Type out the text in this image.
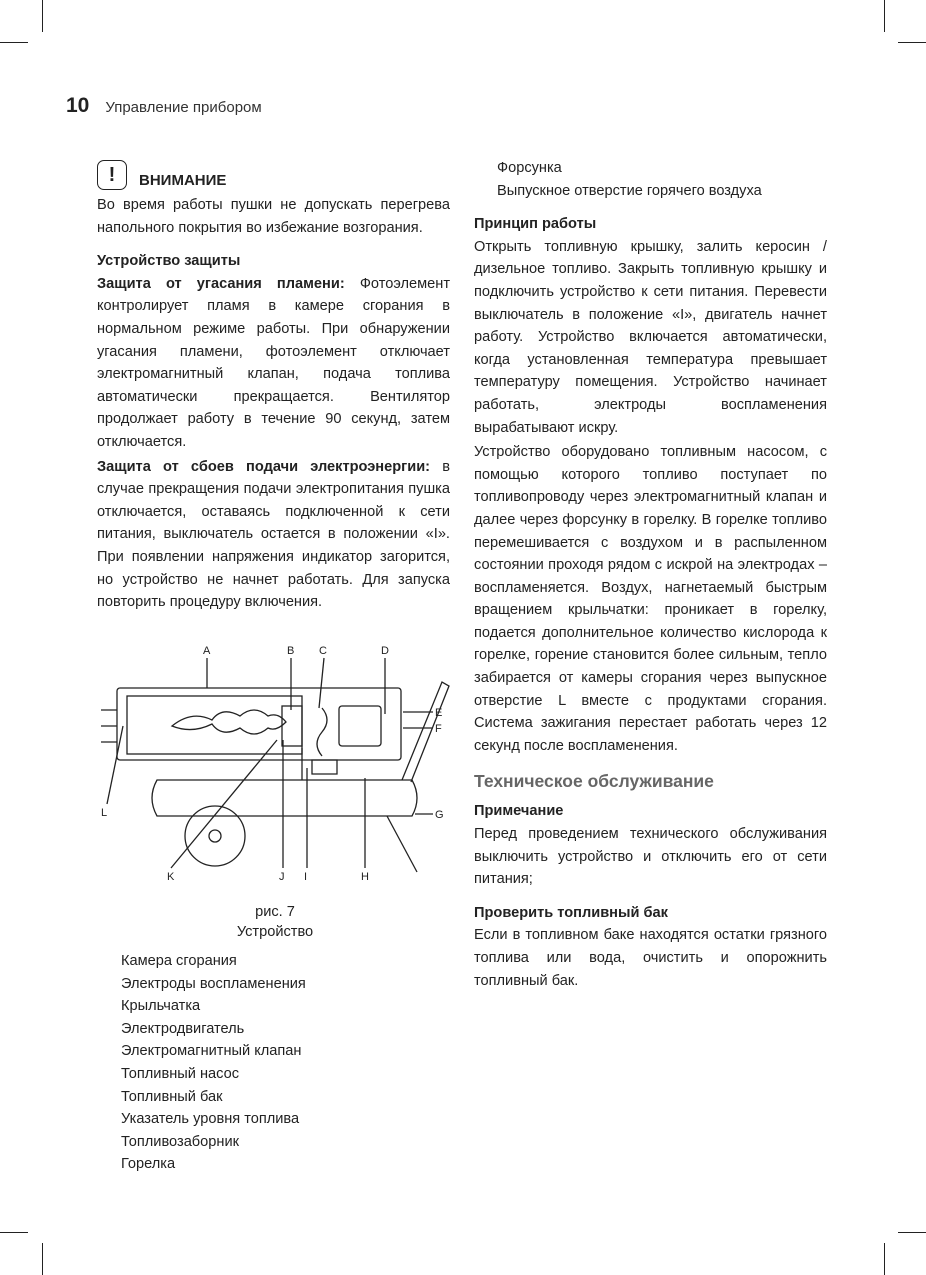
10 Управление прибором
!	ВНИМАНИЕ

Во время работы пушки не допускать перегрева напольного покрытия во избежание возгорания.

Устройство защиты

Защита от угасания пламени: Фотоэлемент контролирует пламя в камере сгорания в нормальном режиме работы. При обнаружении угасания пламени, фотоэлемент отключает электромагнитный клапан, подача топлива автоматически прекращается. Вентилятор продолжает работу в течение 90 секунд, затем отключается.

Защита от сбоев подачи электроэнергии: в случае прекращения подачи электропитания пушка отключается, оставаясь подключенной к сети питания, выключатель остается в положении «I». При появлении напряжения индикатор загорится, но устройство не начнет работать. Для запуска повторить процедуру включения.

A	B C	D
E
F
G
H
I
J
K
L
рис. 7
Устройство
Камера сгорания
Электроды воспламенения
Крыльчатка
Электродвигатель
Электромагнитный клапан
Топливный насос
Топливный бак
Указатель уровня топлива
Топливозаборник
Горелка
Форсунка
Выпускное отверстие горячего воздуха
Принцип работы

Открыть топливную крышку, залить керосин / дизельное топливо. Закрыть топливную крышку и подключить устройство к сети питания. Перевести выключатель в положение «I», двигатель начнет работу. Устройство включается автоматически, когда установленная температура превышает температуру помещения. Устройство начинает работать, электроды воспламенения вырабатывают искру.

Устройство оборудовано топливным насосом, с помощью которого топливо поступает по топливопроводу через электромагнитный клапан и далее через форсунку в горелку. В горелке топливо перемешивается с воздухом и в распыленном состоянии проходя рядом с искрой на электродах – воспламеняется. Воздух, нагнетаемый быстрым вращением крыльчатки: проникает в горелку, подается дополнительное количество кислорода к горелке, горение становится более сильным, тепло забирается от камеры сгорания через выпускное отверстие L вместе с продуктами сгорания. Система зажигания перестает работать через 12 секунд после воспламенения.

Техническое обслуживание
Примечание

Перед проведением технического обслуживания выключить устройство и отключить его от сети питания;

Проверить топливный бак

Если в топливном баке находятся остатки грязного топлива или вода, очистить и опорожнить топливный бак.
